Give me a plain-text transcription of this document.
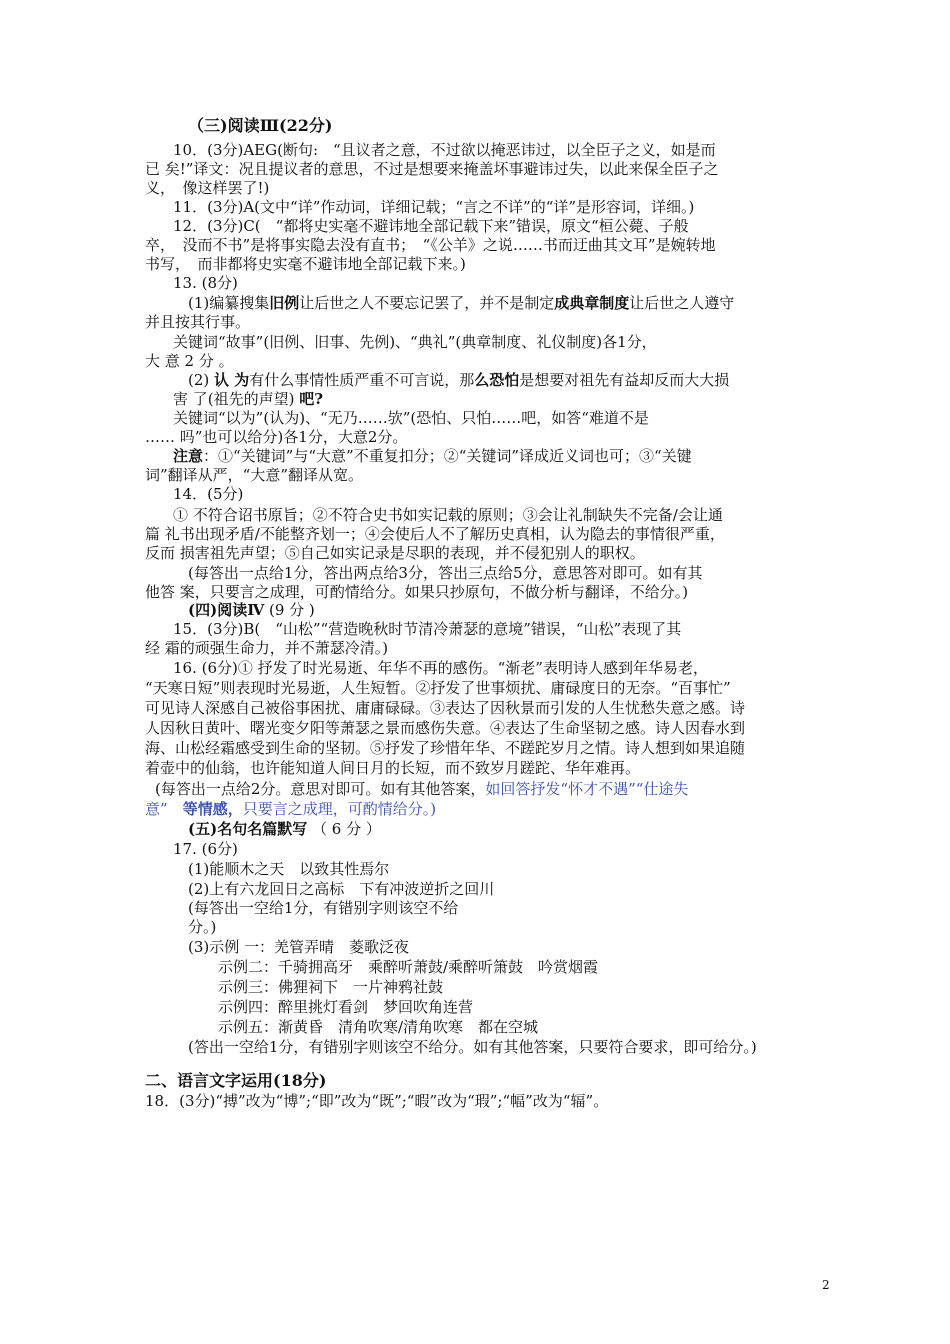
（三)阅读Ⅲ(22分)
10．(3分)AEG(断句:　“且议者之意，不过欲以掩恶讳过，以全臣子之义，如是而
已 矣!”译文：况且提议者的意思，不过是想要来掩盖坏事避讳过失，以此来保全臣子之
义，　像这样罢了!)
11．(3分)A(文中“详”作动词，详细记载；“言之不详”的“详”是形容词，详细。)
12．(3分)C(　“都将史实毫不避讳地全部记载下来”错误，原文“桓公薨、子般
卒，　没而不书”是将事实隐去没有直书；　“《公羊》之说……书而迂曲其文耳”是婉转地
书写，　而非都将史实毫不避讳地全部记载下来。)
13. (8分)
(1)编纂搜集旧例让后世之人不要忘记罢了，并不是制定成典章制度让后世之人遵守
并且按其行事。
关键词“故事”(旧例、旧事、先例)、“典礼”(典章制度、礼仪制度)各1分，
大 意 2 分 。
(2) 认 为有什么事情性质严重不可言说，那么恐怕是想要对祖先有益却反而大大损
害 了(祖先的声望) 吧?
关键词“以为”(认为)、“无乃……欤”(恐怕、只怕……吧，如答“难道不是
…… 吗”也可以给分)各1分，大意2分。
注意：①“关键词”与“大意”不重复扣分；②“关键词”译成近义词也可；③“关键
词”翻译从严，“大意”翻译从宽。
14．(5分)
① 不符合诏书原旨；②不符合史书如实记载的原则；③会让礼制缺失不完备/会让通
篇 礼书出现矛盾/不能整齐划一；④会使后人不了解历史真相，认为隐去的事情很严重，
反而 损害祖先声望；⑤自己如实记录是尽职的表现，并不侵犯别人的职权。
(每答出一点给1分，答出两点给3分，答出三点给5分，意思答对即可。如有其
他答 案，只要言之成理，可酌情给分。如果只抄原句，不做分析与翻译，不给分。)
(四)阅读Ⅳ (9 分 )
15．(3分)B(　“山松”“营造晚秋时节清冷萧瑟的意境”错误，“山松”表现了其
经 霜的顽强生命力，并不萧瑟冷清。)
16. (6分)① 抒发了时光易逝、年华不再的感伤。“渐老”表明诗人感到年华易老，
“天寒日短”则表现时光易逝，人生短暂。②抒发了世事烦扰、庸碌度日的无奈。“百事忙”
可见诗人深感自己被俗事困扰、庸庸碌碌。③表达了因秋景而引发的人生忧愁失意之感。诗
人因秋日黄叶、曙光变夕阳等萧瑟之景而感伤失意。④表达了生命坚韧之感。诗人因春水到
海、山松经霜感受到生命的坚韧。⑤抒发了珍惜年华、不蹉跎岁月之情。诗人想到如果追随
着壶中的仙翁，也许能知道人间日月的长短，而不致岁月蹉跎、华年难再。
(每答出一点给2分。意思对即可。如有其他答案，如回答抒发“怀才不遇”“仕途失
意”　 等情感，只要言之成理，可酌情给分。)
(五)名句名篇默写 （ 6 分 ）
17. (6分)
(1)能顺木之天　以致其性焉尔
(2)上有六龙回日之高标　下有冲波逆折之回川
(每答出一空给1分，有错别字则该空不给
分。)
(3)示例 一：羌管弄晴　菱歌泛夜
示例二：千骑拥高牙　乘醉听萧鼓/乘醉听箫鼓　吟赏烟霞
示例三：佛狸祠下　一片神鸦社鼓
示例四：醉里挑灯看剑　梦回吹角连营
示例五：渐黄昏　清角吹寒/清角吹寒　都在空城
(答出一空给1分，有错别字则该空不给分。如有其他答案，只要符合要求，即可给分。)
二、语言文字运用(18分)
18．(3分)“搏”改为“博”;“即”改为“既”;“暇”改为“瑕”;“幅”改为“辐”。
2
